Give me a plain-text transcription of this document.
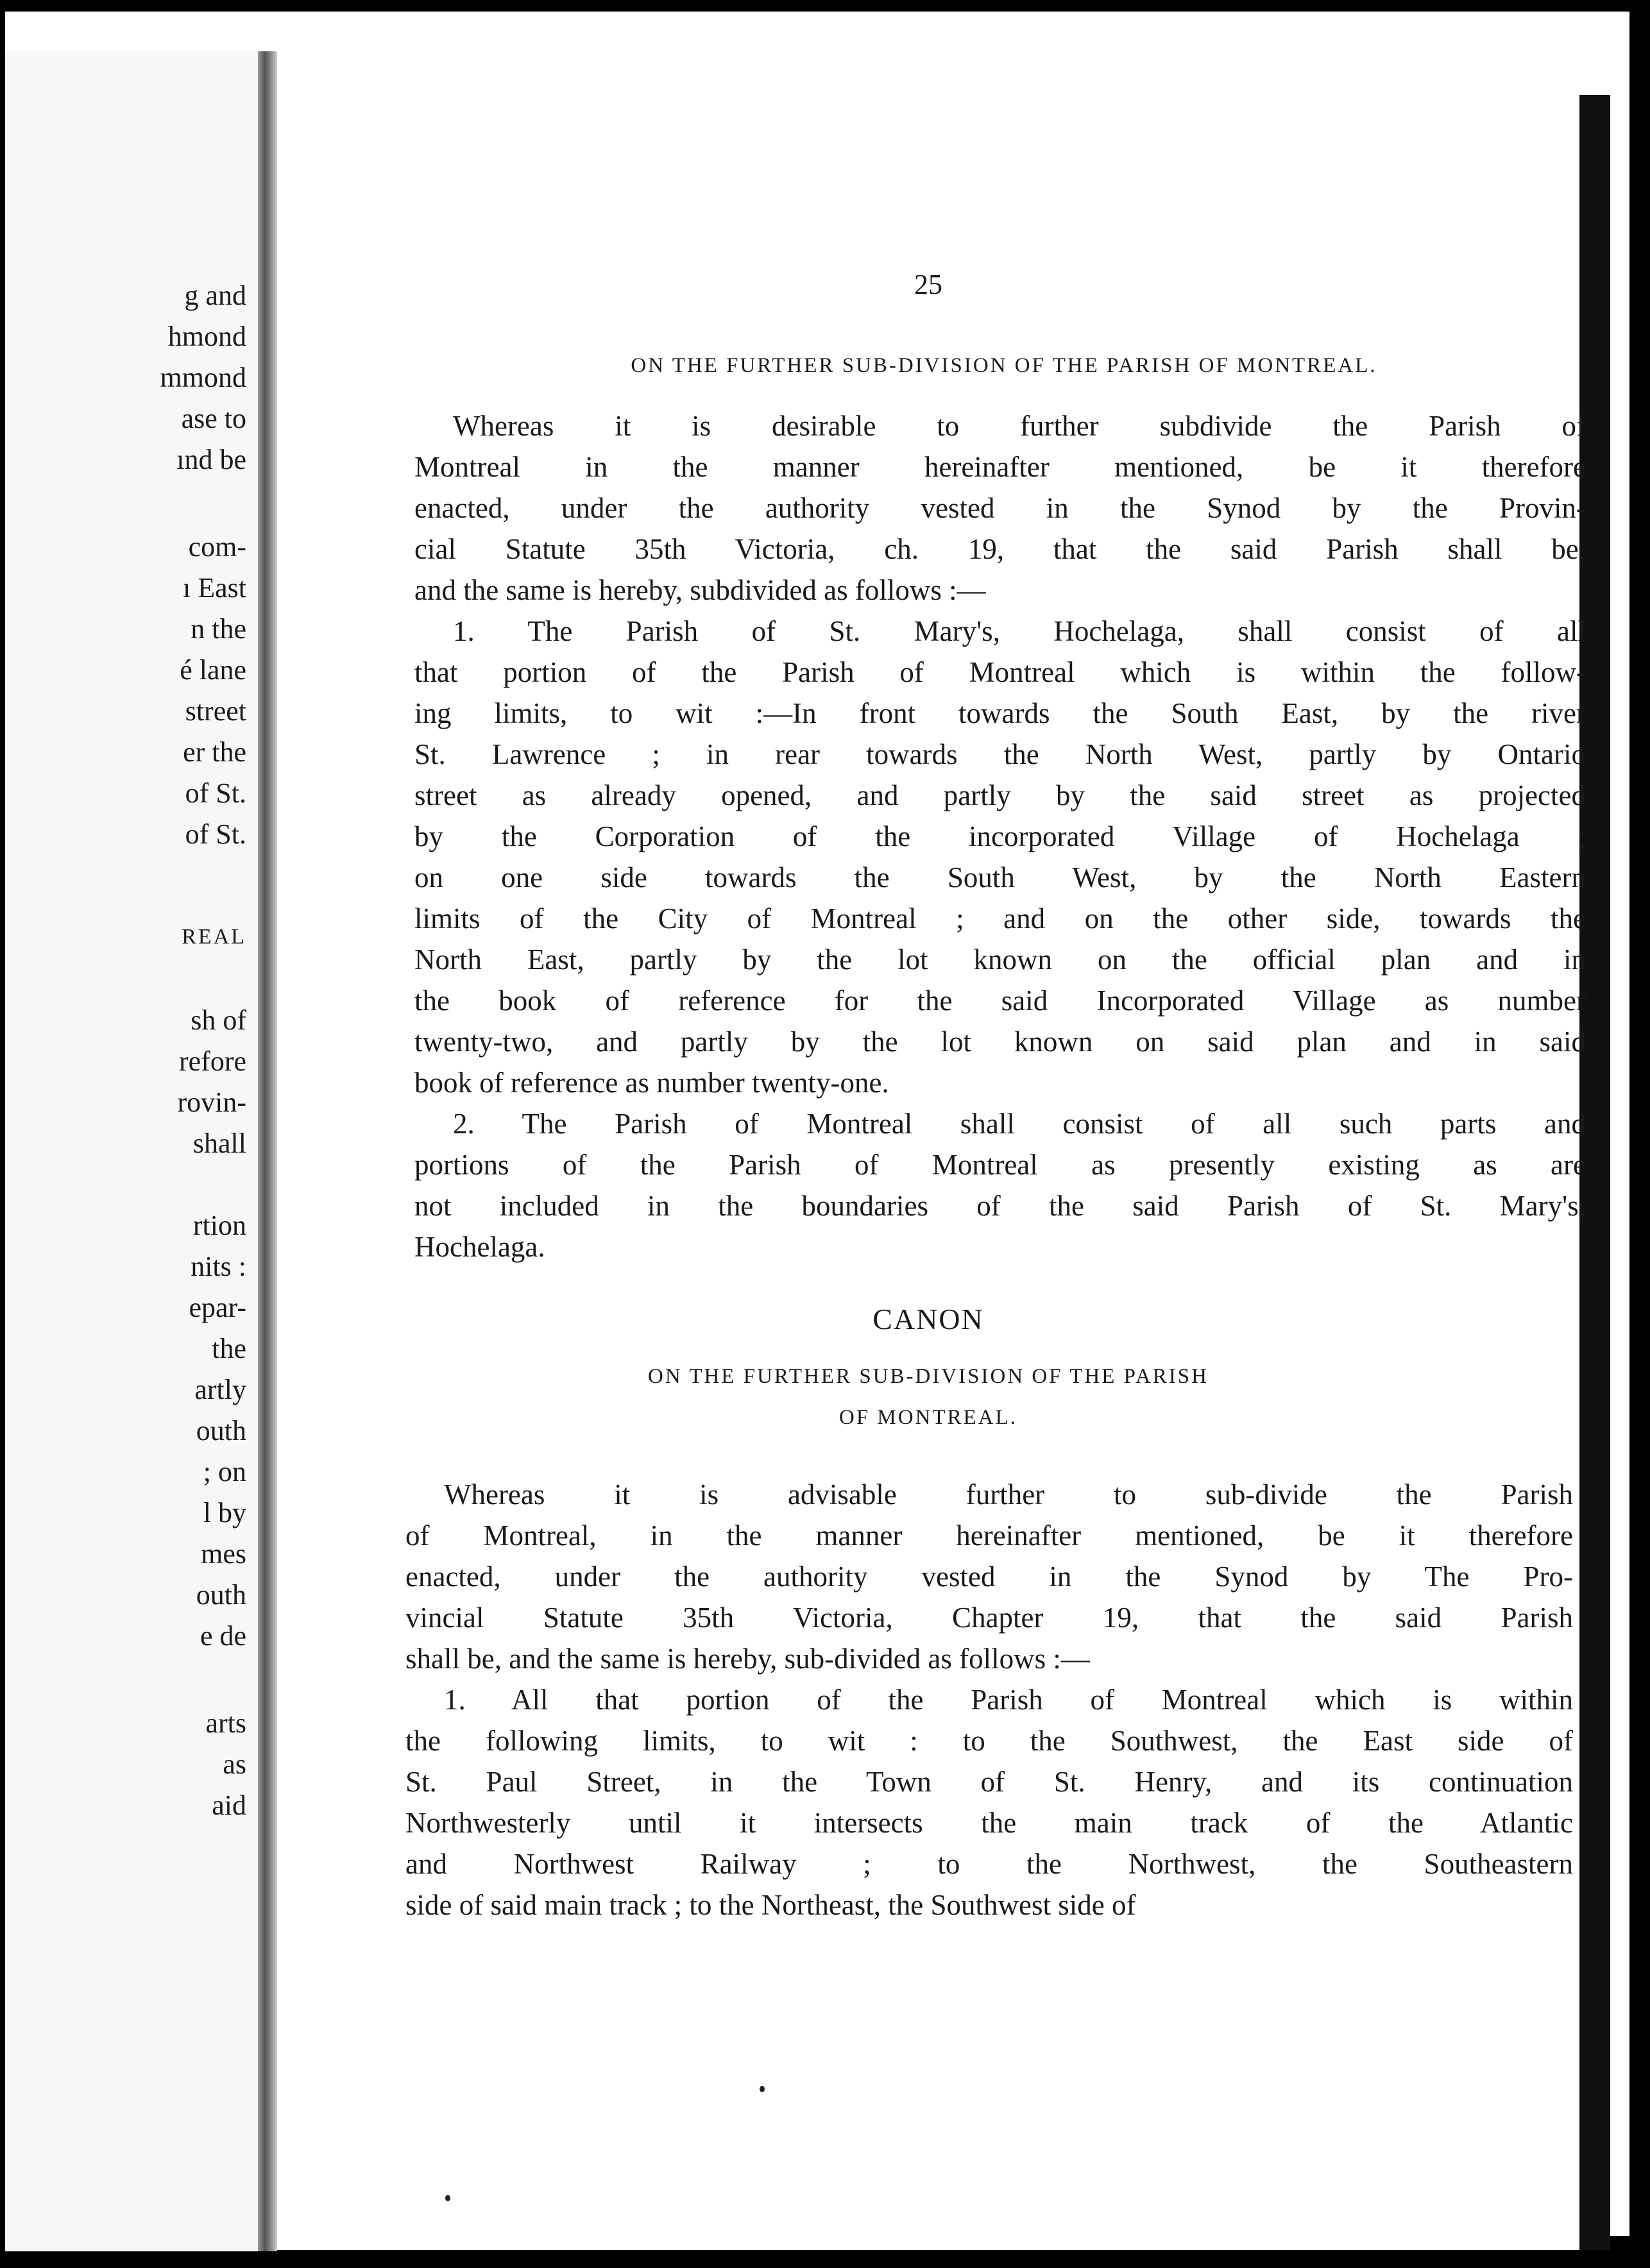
g and
hmond
mmond
ase to
ınd be
com-
ı East
n the
é lane
street
er the
of St.
of St.
REAL
sh of
refore
rovin-
shall
rtion
nits :
epar-
the
artly
outh
; on
l by
mes
outh
e de
arts
as
aid
25
ON THE FURTHER SUB-DIVISION OF THE PARISH OF MONTREAL.
Whereas it is desirable to further subdivide the Parish of
Montreal in the manner hereinafter mentioned, be it therefore
enacted, under the authority vested in the Synod by the Provin-
cial Statute 35th Victoria, ch. 19, that the said Parish shall be,
and the same is hereby, subdivided as follows :—
1. The Parish of St. Mary's, Hochelaga, shall consist of all
that portion of the Parish of Montreal which is within the follow-
ing limits, to wit :—In front towards the South East, by the river
St. Lawrence ; in rear towards the North West, partly by Ontario
street as already opened, and partly by the said street as projected
by the Corporation of the incorporated Village of Hochelaga ;
on one side towards the South West, by the North Eastern
limits of the City of Montreal ; and on the other side, towards the
North East, partly by the lot known on the official plan and in
the book of reference for the said Incorporated Village as number
twenty-two, and partly by the lot known on said plan and in said
book of reference as number twenty-one.
2. The Parish of Montreal shall consist of all such parts and
portions of the Parish of Montreal as presently existing as are
not included in the boundaries of the said Parish of St. Mary's,
Hochelaga.
CANON
ON THE FURTHER SUB-DIVISION OF THE PARISH
OF MONTREAL.
Whereas it is advisable further to sub-divide the Parish
of Montreal, in the manner hereinafter mentioned, be it therefore
enacted, under the authority vested in the Synod by The Pro-
vincial Statute 35th Victoria, Chapter 19, that the said Parish
shall be, and the same is hereby, sub-divided as follows :—
1. All that portion of the Parish of Montreal which is within
the following limits, to wit : to the Southwest, the East side of
St. Paul Street, in the Town of St. Henry, and its continuation
Northwesterly until it intersects the main track of the Atlantic
and Northwest Railway ; to the Northwest, the Southeastern
side of said main track ; to the Northeast, the Southwest side of
